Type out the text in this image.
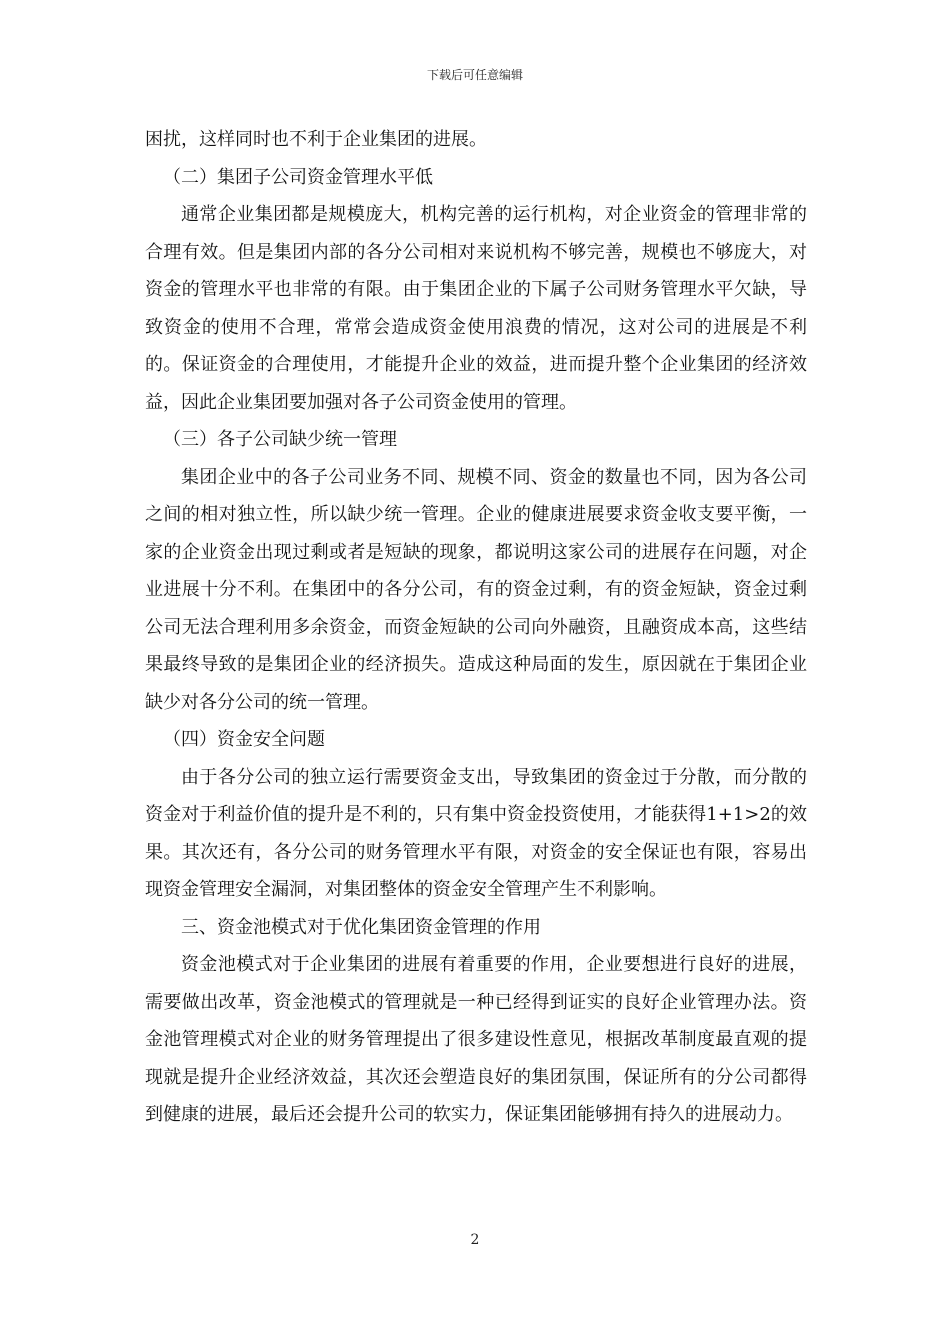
下载后可任意编辑

困扰，这样同时也不利于企业集团的进展。

（二）集团子公司资金管理水平低

通常企业集团都是规模庞大，机构完善的运行机构，对企业资金的管理非常的合理有效。但是集团内部的各分公司相对来说机构不够完善，规模也不够庞大，对资金的管理水平也非常的有限。由于集团企业的下属子公司财务管理水平欠缺，导致资金的使用不合理，常常会造成资金使用浪费的情况，这对公司的进展是不利的。保证资金的合理使用，才能提升企业的效益，进而提升整个企业集团的经济效益，因此企业集团要加强对各子公司资金使用的管理。

（三）各子公司缺少统一管理

集团企业中的各子公司业务不同、规模不同、资金的数量也不同，因为各公司之间的相对独立性，所以缺少统一管理。企业的健康进展要求资金收支要平衡，一家的企业资金出现过剩或者是短缺的现象，都说明这家公司的进展存在问题，对企业进展十分不利。在集团中的各分公司，有的资金过剩，有的资金短缺，资金过剩公司无法合理利用多余资金，而资金短缺的公司向外融资，且融资成本高，这些结果最终导致的是集团企业的经济损失。造成这种局面的发生，原因就在于集团企业缺少对各分公司的统一管理。

（四）资金安全问题

由于各分公司的独立运行需要资金支出，导致集团的资金过于分散，而分散的资金对于利益价值的提升是不利的，只有集中资金投资使用，才能获得1+1>2的效果。其次还有，各分公司的财务管理水平有限，对资金的安全保证也有限，容易出现资金管理安全漏洞，对集团整体的资金安全管理产生不利影响。

三、资金池模式对于优化集团资金管理的作用

资金池模式对于企业集团的进展有着重要的作用，企业要想进行良好的进展，需要做出改革，资金池模式的管理就是一种已经得到证实的良好企业管理办法。资金池管理模式对企业的财务管理提出了很多建设性意见，根据改革制度最直观的提现就是提升企业经济效益，其次还会塑造良好的集团氛围，保证所有的分公司都得到健康的进展，最后还会提升公司的软实力，保证集团能够拥有持久的进展动力。

2
